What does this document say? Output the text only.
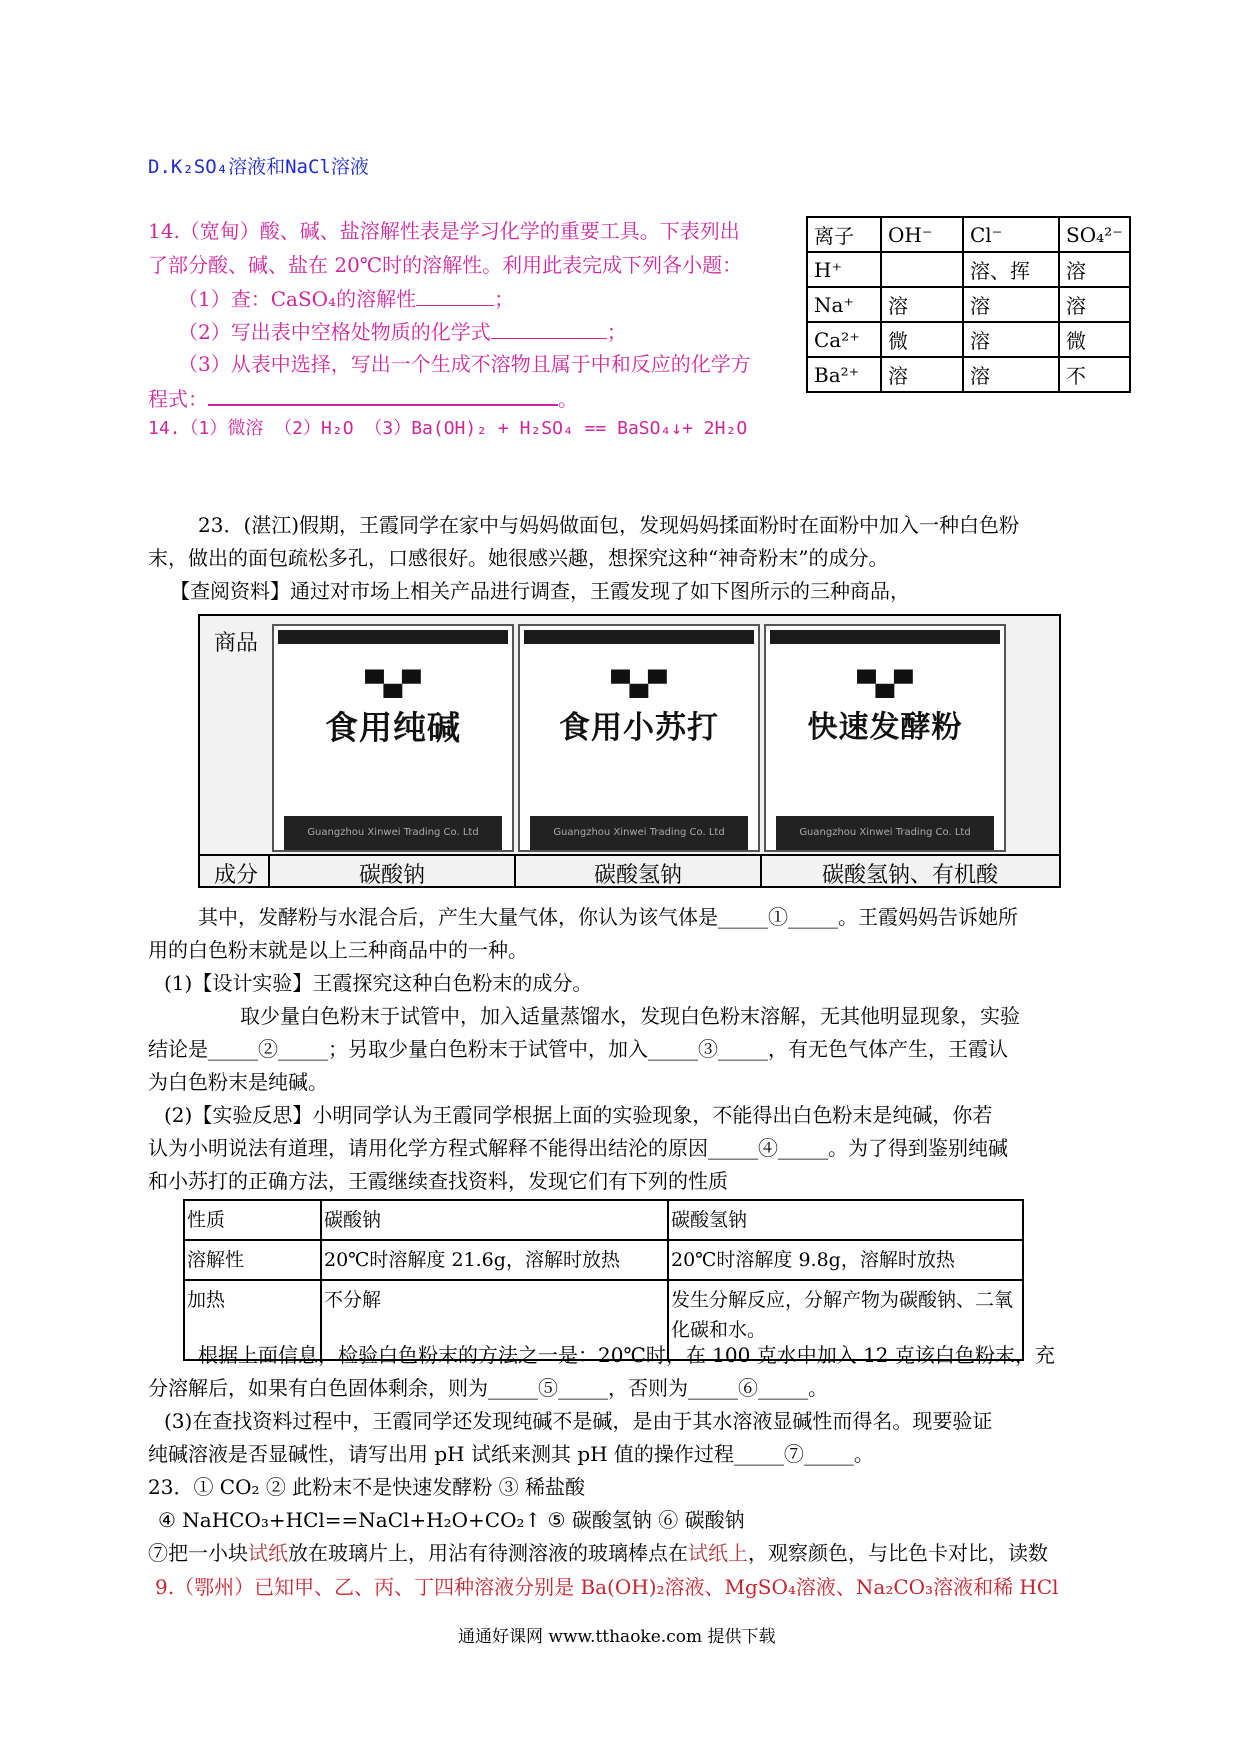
D.K₂SO₄溶液和NaCl溶液
14.（宽甸）酸、碱、盐溶解性表是学习化学的重要工具。下表列出
了部分酸、碱、盐在 20℃时的溶解性。利用此表完成下列各小题：
（1）查：CaSO₄的溶解性	；
（2）写出表中空格处物质的化学式	；
（3）从表中选择，写出一个生成不溶物且属于中和反应的化学方
程式：	。
14.（1）微溶 （2）H₂O （3）Ba(OH)₂ + H₂SO₄ == BaSO₄↓+ 2H₂O
离子	OH⁻	Cl⁻	SO₄²⁻
H⁺		溶、挥	溶
Na⁺	溶	溶	溶
Ca²⁺	微	溶	微
Ba²⁺	溶	溶	不
23．(湛江)假期，王霞同学在家中与妈妈做面包，发现妈妈揉面粉时在面粉中加入一种白色粉
末，做出的面包疏松多孔，口感很好。她很感兴趣，想探究这种“神奇粉末”的成分。
【查阅资料】通过对市场上相关产品进行调查，王霞发现了如下图所示的三种商品，
商品
▀▄▀
食用纯碱
Guangzhou Xinwei Trading Co. Ltd
▀▄▀
食用小苏打
Guangzhou Xinwei Trading Co. Ltd
▀▄▀
快速发酵粉
Guangzhou Xinwei Trading Co. Ltd
成分	碳酸钠	碳酸氢钠	碳酸氢钠、有机酸
其中，发酵粉与水混合后，产生大量气体，你认为该气体是_____①_____。王霞妈妈告诉她所
用的白色粉末就是以上三种商品中的一种。
(1)【设计实验】王霞探究这种白色粉末的成分。
取少量白色粉末于试管中，加入适量蒸馏水，发现白色粉末溶解，无其他明显现象，实验
结论是_____②_____；另取少量白色粉末于试管中，加入_____③_____，有无色气体产生，王霞认
为白色粉末是纯碱。
(2)【实验反思】小明同学认为王霞同学根据上面的实验现象，不能得出白色粉末是纯碱，你若
认为小明说法有道理，请用化学方程式解释不能得出结沦的原因_____④_____。为了得到鉴别纯碱
和小苏打的正确方法，王霞继续查找资料，发现它们有下列的性质
性质	碳酸钠	碳酸氢钠
溶解性	20℃时溶解度 21.6g，溶解时放热	20℃时溶解度 9.8g，溶解时放热
加热	不分解	发生分解反应，分解产物为碳酸钠、二氧化碳和水。
根据上面信息，检验白色粉末的方法之一是：20℃时，在 100 克水中加入 12 克该白色粉末，充
分溶解后，如果有白色固体剩余，则为_____⑤_____，否则为_____⑥_____。
(3)在查找资料过程中，王霞同学还发现纯碱不是碱，是由于其水溶液显碱性而得名。现要验证
纯碱溶液是否显碱性，请写出用 pH 试纸来测其 pH 值的操作过程_____⑦_____。
23．① CO₂ ② 此粉末不是快速发酵粉 ③ 稀盐酸
④ NaHCO₃+HCl==NaCl+H₂O+CO₂↑ ⑤ 碳酸氢钠 ⑥ 碳酸钠
⑦把一小块试纸放在玻璃片上，用沾有待测溶液的玻璃棒点在试纸上，观察颜色，与比色卡对比，读数
9.（鄂州）已知甲、乙、丙、丁四种溶液分别是 Ba(OH)₂溶液、MgSO₄溶液、Na₂CO₃溶液和稀 HCl
通通好课网 www.tthaoke.com 提供下载
